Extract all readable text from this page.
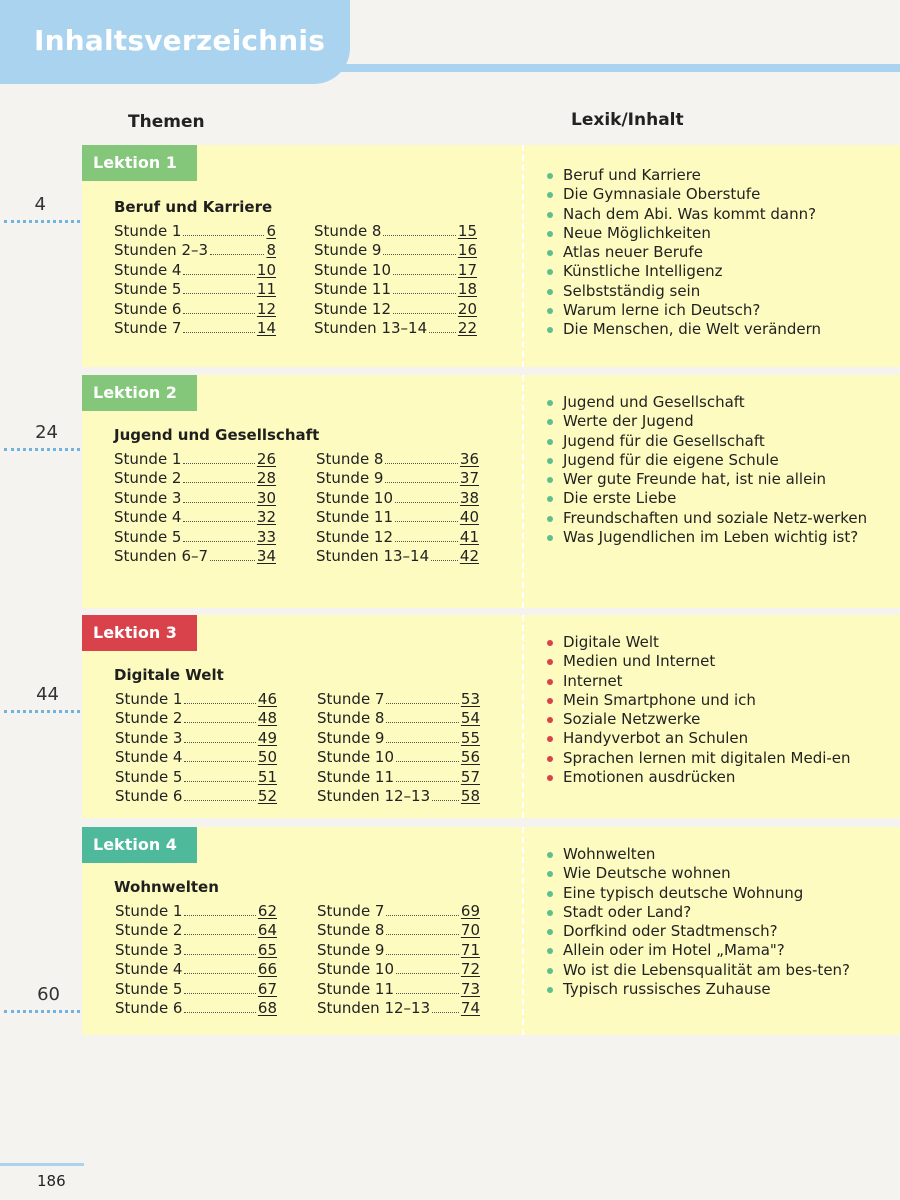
Inhaltsverzeichnis
Themen	Lexik/Inhalt
Lektion 1
Beruf und Karriere
Stunde 1	6
Stunden 2–3	8
Stunde 4	10
Stunde 5	11
Stunde 6	12
Stunde 7	14
Stunde 8	15
Stunde 9	16
Stunde 10	17
Stunde 11	18
Stunde 12	20
Stunden 13–14 22
Beruf und Karriere
Die Gymnasiale Oberstufe
Nach dem Abi. Was kommt dann?
Neue Möglichkeiten
Atlas neuer Berufe
Künstliche Intelligenz
Selbstständig sein
Warum lerne ich Deutsch?
Die Menschen, die Welt verändern
Lektion 2
Jugend und Gesellschaft
Stunde 1	26
Stunde 2	28
Stunde 3	30
Stunde 4	32
Stunde 5	33
Stunden 6–7	34
Stunde 8	36
Stunde 9	37
Stunde 10	38
Stunde 11	40
Stunde 12	41
Stunden 13–14 42
Jugend und Gesellschaft
Werte der Jugend
Jugend für die Gesellschaft
Jugend für die eigene Schule
Wer gute Freunde hat, ist nie allein
Die erste Liebe
Freundschaften und soziale Netz-werken
Was Jugendlichen im Leben wichtig ist?
Lektion 3
Digitale Welt
Stunde 1	46
Stunde 2	48
Stunde 3	49
Stunde 4	50
Stunde 5	51
Stunde 6	52
Stunde 7	53
Stunde 8	54
Stunde 9	55
Stunde 10	56
Stunde 11	57
Stunden 12–13 58
Digitale Welt
Medien und Internet
Internet
Mein Smartphone und ich
Soziale Netzwerke
Handyverbot an Schulen
Sprachen lernen mit digitalen Medi-en
Emotionen ausdrücken
Lektion 4
Wohnwelten
Stunde 1	62
Stunde 2	64
Stunde 3	65
Stunde 4	66
Stunde 5	67
Stunde 6	68
Stunde 7	69
Stunde 8	70
Stunde 9	71
Stunde 10	72
Stunde 11	73
Stunden 12–13 74
Wohnwelten
Wie Deutsche wohnen
Eine typisch deutsche Wohnung
Stadt oder Land?
Dorfkind oder Stadtmensch?
Allein oder im Hotel „Mama"?
Wo ist die Lebensqualität am bes-ten?
Typisch russisches Zuhause
4
24
44
60
186
